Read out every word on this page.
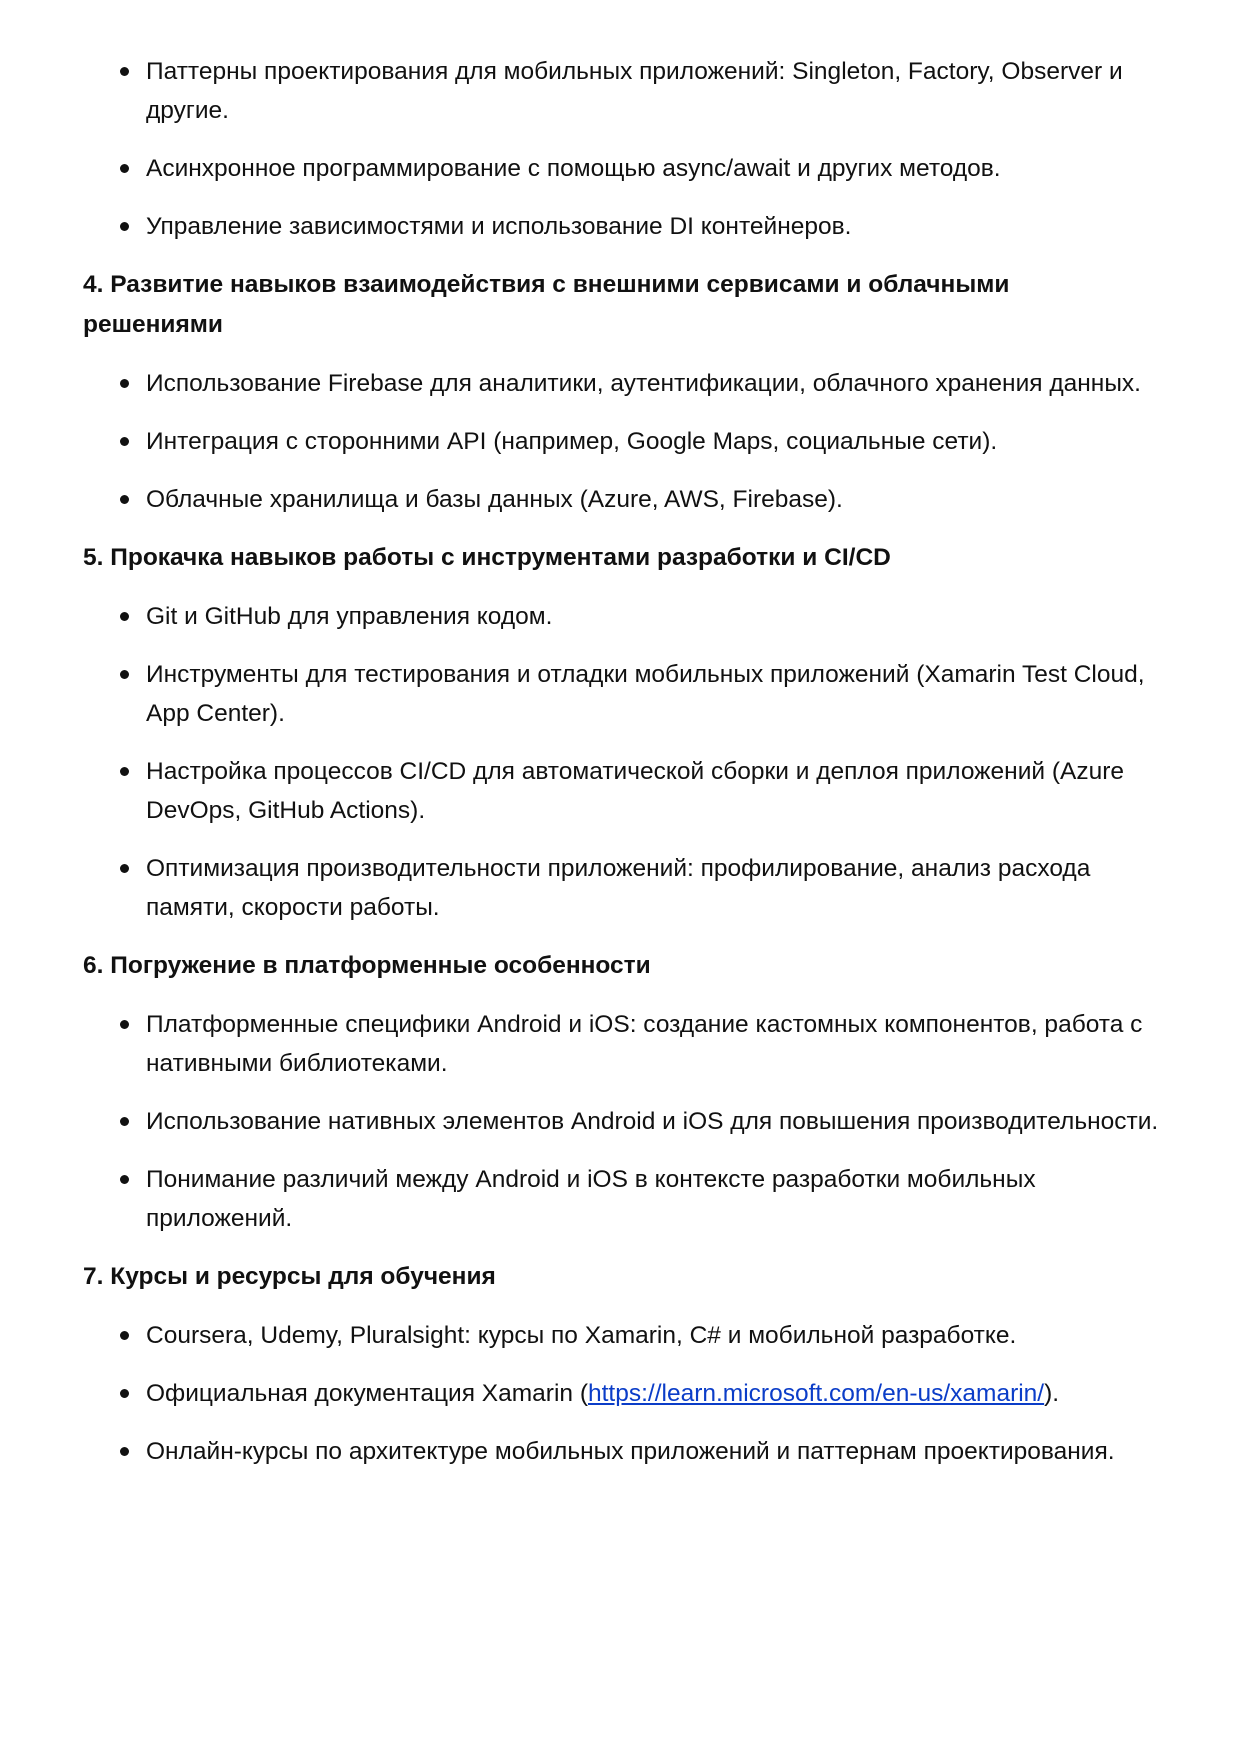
Паттерны проектирования для мобильных приложений: Singleton, Factory, Observer и другие.
Асинхронное программирование с помощью async/await и других методов.
Управление зависимостями и использование DI контейнеров.
4. Развитие навыков взаимодействия с внешними сервисами и облачными решениями
Использование Firebase для аналитики, аутентификации, облачного хранения данных.
Интеграция с сторонними API (например, Google Maps, социальные сети).
Облачные хранилища и базы данных (Azure, AWS, Firebase).
5. Прокачка навыков работы с инструментами разработки и CI/CD
Git и GitHub для управления кодом.
Инструменты для тестирования и отладки мобильных приложений (Xamarin Test Cloud, App Center).
Настройка процессов CI/CD для автоматической сборки и деплоя приложений (Azure DevOps, GitHub Actions).
Оптимизация производительности приложений: профилирование, анализ расхода памяти, скорости работы.
6. Погружение в платформенные особенности
Платформенные специфики Android и iOS: создание кастомных компонентов, работа с нативными библиотеками.
Использование нативных элементов Android и iOS для повышения производительности.
Понимание различий между Android и iOS в контексте разработки мобильных приложений.
7. Курсы и ресурсы для обучения
Coursera, Udemy, Pluralsight: курсы по Xamarin, C# и мобильной разработке.
Официальная документация Xamarin (https://learn.microsoft.com/en-us/xamarin/).
Онлайн-курсы по архитектуре мобильных приложений и паттернам проектирования.
